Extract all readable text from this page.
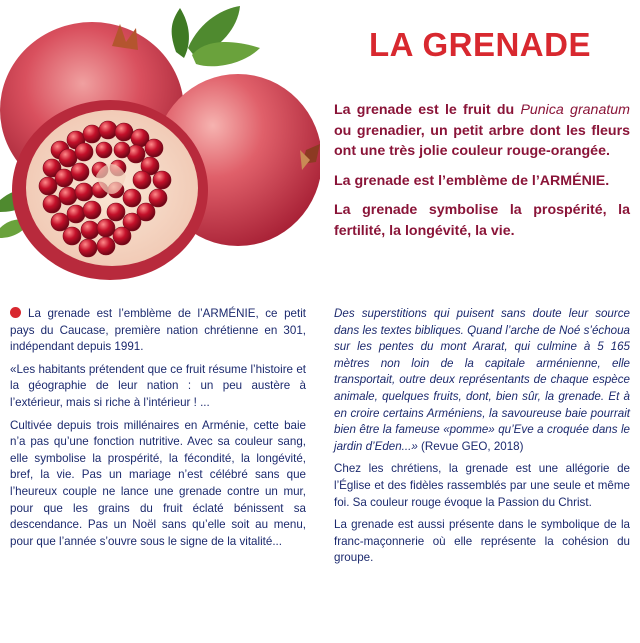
LA GRENADE

La grenade est le fruit du Punica granatum ou grenadier, un petit arbre dont les fleurs ont une très jolie couleur rouge-orangée.

La grenade est l’emblème de l’ARMÉNIE.

La grenade symbolise la prospérité, la fertilité, la longévité, la vie.

La grenade est l’emblème de l’ARMÉNIE, ce petit pays du Caucase, première nation chrétienne en 301, indépendant depuis 1991.

«Les habitants prétendent que ce fruit résume l’histoire et la géographie de leur nation : un peu austère à l’extérieur, mais si riche à l’intérieur ! ...

Cultivée depuis trois millénaires en Arménie, cette baie n’a pas qu’une fonction nutritive. Avec sa couleur sang, elle symbolise la prospérité, la fécondité, la longévité, bref, la vie. Pas un mariage n’est célébré sans que l’heureux couple ne lance une grenade contre un mur, pour que les grains du fruit éclaté bénissent sa descendance. Pas un Noël sans qu’elle soit au menu, pour que l’année s’ouvre sous le signe de la vitalité...

Des superstitions qui puisent sans doute leur source dans les textes bibliques. Quand l’arche de Noé s’échoua sur les pentes du mont Ararat, qui culmine à 5 165 mètres non loin de la capitale arménienne, elle transportait, outre deux représentants de chaque espèce animale, quelques fruits, dont, bien sûr, la grenade. Et à en croire certains Arméniens, la savoureuse baie pourrait bien être la fameuse «pomme» qu’Eve a croquée dans le jardin d’Eden...» (Revue GEO, 2018)

Chez les chrétiens, la grenade est une allégorie de l’Église et des fidèles rassemblés par une seule et même foi. Sa couleur rouge évoque la Passion du Christ.

La grenade est aussi présente dans le symbolique de la franc-maçonnerie où elle représente la cohésion du groupe.
